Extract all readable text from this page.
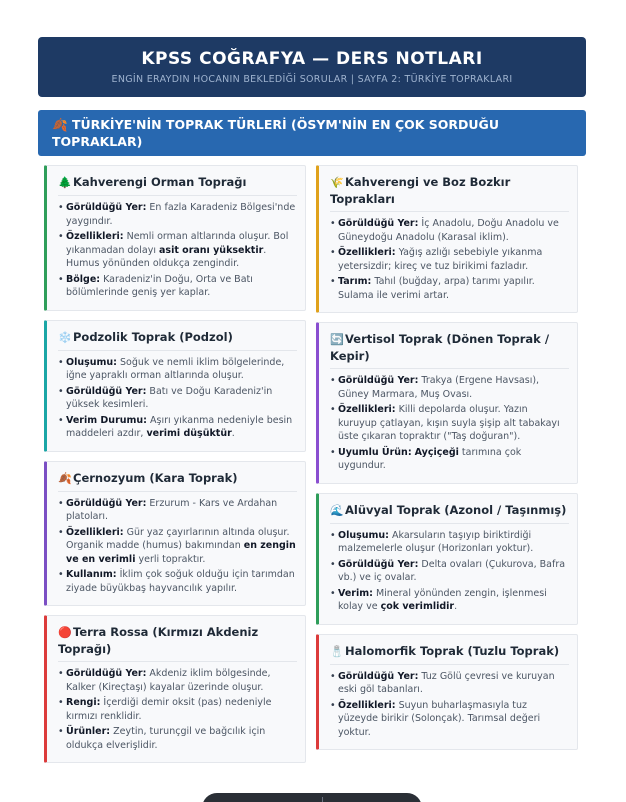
KPSS COĞRAFYA — DERS NOTLARI
ENGİN ERAYDIN HOCANIN BEKLEDİĞİ SORULAR | SAYFA 2: TÜRKİYE TOPRAKLARI
🍂 TÜRKİYE'NİN TOPRAK TÜRLERİ (ÖSYM'NİN EN ÇOK SORDUĞU TOPRAKLAR)
🌲Kahverengi Orman Toprağı
• Görüldüğü Yer: En fazla Karadeniz Bölgesi'nde yaygındır.
• Özellikleri: Nemli orman altlarında oluşur. Bol yıkanmadan dolayı asit oranı yüksektir. Humus yönünden oldukça zengindir.
• Bölge: Karadeniz'in Doğu, Orta ve Batı bölümlerinde geniş yer kaplar.
❄️Podzolik Toprak (Podzol)
• Oluşumu: Soğuk ve nemli iklim bölgelerinde, iğne yapraklı orman altlarında oluşur.
• Görüldüğü Yer: Batı ve Doğu Karadeniz'in yüksek kesimleri.
• Verim Durumu: Aşırı yıkanma nedeniyle besin maddeleri azdır, verimi düşüktür.
🍂Çernozyum (Kara Toprak)
• Görüldüğü Yer: Erzurum - Kars ve Ardahan platoları.
• Özellikleri: Gür yaz çayırlarının altında oluşur. Organik madde (humus) bakımından en zengin ve en verimli yerli topraktır.
• Kullanım: İklim çok soğuk olduğu için tarımdan ziyade büyükbaş hayvancılık yapılır.
🔴Terra Rossa (Kırmızı Akdeniz Toprağı)
• Görüldüğü Yer: Akdeniz iklim bölgesinde, Kalker (Kireçtaşı) kayalar üzerinde oluşur.
• Rengi: İçerdiği demir oksit (pas) nedeniyle kırmızı renklidir.
• Ürünler: Zeytin, turunçgil ve bağcılık için oldukça elverişlidir.
🌾Kahverengi ve Boz Bozkır Toprakları
• Görüldüğü Yer: İç Anadolu, Doğu Anadolu ve Güneydoğu Anadolu (Karasal iklim).
• Özellikleri: Yağış azlığı sebebiyle yıkanma yetersizdir; kireç ve tuz birikimi fazladır.
• Tarım: Tahıl (buğday, arpa) tarımı yapılır. Sulama ile verimi artar.
🔄Vertisol Toprak (Dönen Toprak / Kepir)
• Görüldüğü Yer: Trakya (Ergene Havsası), Güney Marmara, Muş Ovası.
• Özellikleri: Killi depolarda oluşur. Yazın kuruyup çatlayan, kışın suyla şişip alt tabakayı üste çıkaran topraktır ("Taş doğuran").
• Uyumlu Ürün: Ayçiçeği tarımına çok uygundur.
🌊Alüvyal Toprak (Azonol / Taşınmış)
• Oluşumu: Akarsuların taşıyıp biriktirdiği malzemelerle oluşur (Horizonları yoktur).
• Görüldüğü Yer: Delta ovaları (Çukurova, Bafra vb.) ve iç ovalar.
• Verim: Mineral yönünden zengin, işlenmesi kolay ve çok verimlidir.
🧂Halomorfik Toprak (Tuzlu Toprak)
• Görüldüğü Yer: Tuz Gölü çevresi ve kuruyan eski göl tabanları.
• Özellikleri: Suyun buharlaşmasıyla tuz yüzeyde birikir (Solonçak). Tarımsal değeri yoktur.
